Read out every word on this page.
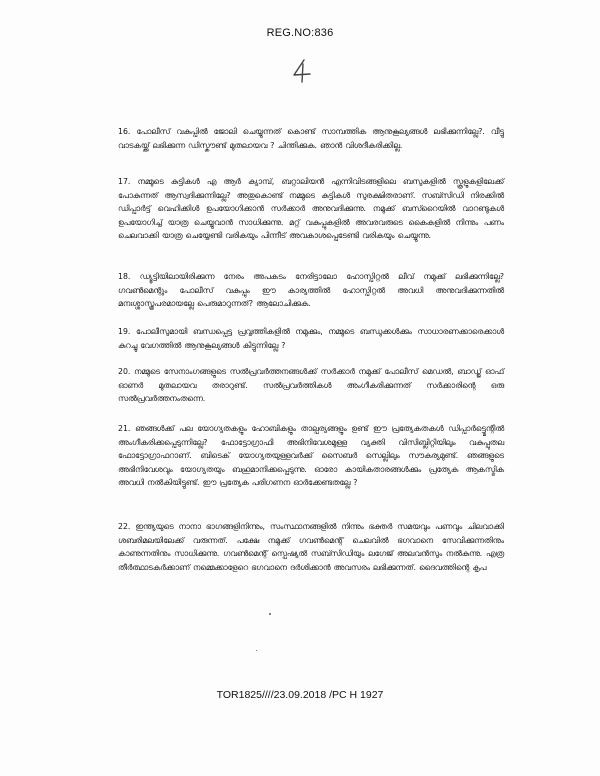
REG.NO:836
16. പോലീസ് വകുപ്പിൽ ജോലി ചെയ്യുന്നത് കൊണ്ട് സാമ്പത്തിക ആനുകൂല്യങ്ങൾ ലഭിക്കുന്നില്ലേ?. വീട്ടു വാടകയ്ക്ക് ലഭിക്കുന്ന ഡിസ്കൗണ്ട് മുതലായവ ? ചിന്തിക്കുക. ഞാൻ വിശദീകരിക്കില്ല.
17. നമ്മുടെ കുട്ടികൾ എ ആർ ക്യാമ്പ്, ബറ്റാലിയൻ എന്നിവിടങ്ങളിലെ ബസുകളിൽ സ്കൂളുകളിലേക്ക് പോകുന്നത് ആസ്വദിക്കുന്നില്ലേ? അതുകൊണ്ട് നമ്മുടെ കുട്ടികൾ സുരക്ഷിതരാണ്. സബ്സിഡി നിരക്കിൽ ഡിപ്പാർട്ട് വെഹിക്കിൾ ഉപയോഗിക്കാൻ സർക്കാർ അനുവദിക്കുന്നു. നമുക്ക് ബസ്റൈയിൽ വാറണ്ടുകൾ ഉപയോഗിച്ച് യാത്ര ചെയ്യുവാൻ സാധിക്കുന്നു. മറ്റ് വകുപ്പുകളിൽ അവരവരുടെ കൈകളിൽ നിന്നും പണം ചെലവാക്കി യാത്ര ചെയ്യേണ്ടി വരികയും പിന്നീട് അവകാശപ്പെടേണ്ടി വരികയും ചെയ്യുന്നു.
18. ഡ്യൂട്ടിയിലായിരിക്കുന്ന നേരം അപകടം നേരിട്ടാലോ ഹോസ്പിറ്റൽ ലീവ് നമുക്ക് ലഭിക്കുന്നില്ലേ? ഗവൺമെന്റും പോലീസ് വകുപ്പും ഈ കാര്യത്തിൽ ഹോസ്പിറ്റൽ അവധി അനുവദിക്കുന്നതിൽ മനഃശ്ശാസ്ത്രപരമായല്ലേ പെരുമാറുന്നത്? ആലോചിക്കുക.
19. പോലീസുമായി ബന്ധപ്പെട്ട പ്രവൃത്തികളിൽ നമുക്കും, നമ്മുടെ ബന്ധുക്കൾക്കും സാധാരണക്കാരെക്കാൾ കുറച്ചു വേഗത്തിൽ ആനുകൂല്യങ്ങൾ കിട്ടുന്നില്ലേ ?
20. നമ്മുടെ സേനാംഗങ്ങളുടെ സൽപ്രവർത്തനങ്ങൾക്ക് സർക്കാർ നമുക്ക് പോലീസ് മെഡൽ, ബാഡ്ജ് ഓഫ് ഓണർ മുതലായവ തരാറുണ്ട്. സൽപ്രവർത്തികൾ അംഗീകരിക്കുന്നത് സർക്കാരിന്റെ ഒരു സൽപ്രവർത്തനംതന്നെ.
21. ഞങ്ങൾക്ക് പല യോഗ്യതകളും ഹോബികളും താല്പര്യങ്ങളും ഉണ്ട് ഈ പ്രത്യേകതകൾ ഡിപ്പാർട്ട്മെന്റിൽ അംഗീകരിക്കപ്പെടുന്നില്ലേ? ഫോട്ടോഗ്രാഫി അഭിനിവേശമുള്ള വ്യക്തി വിസിബ്ലിറ്റിയിലും വകുപ്പുതല ഫോട്ടോഗ്രാഫറാണ്. ബിടെക് യോഗ്യതയുള്ളവർക്ക് സൈബർ സെല്ലിലും സൗകര്യമുണ്ട്. ഞങ്ങളുടെ അഭിനിവേശവും യോഗ്യതയും ബഹുമാനിക്കപ്പെടുന്നു. ഓരോ കായികതാരങ്ങൾക്കും പ്രത്യേക ആകസ്മിക അവധി നൽകിയിട്ടുണ്ട്. ഈ പ്രത്യേക പരിഗണന ഓർക്കേണ്ടതല്ലേ ?
22. ഇന്ത്യയുടെ നാനാ ഭാഗങ്ങളിനിന്നും, സംസ്ഥാനങ്ങളിൽ നിന്നും ഭക്തർ സമയവും പണവും ചിലവാക്കി ശബരിമലയിലേക്ക് വരുന്നത്. പക്ഷേ നമുക്ക് ഗവൺമെന്റ് ചെലവിൽ ഭഗവാനെ സേവിക്കുന്നതിനും കാണുന്നതിനും സാധിക്കുന്നു. ഗവൺമെന്റ് സ്പെഷ്യൽ സബ്സിഡിയും ലഗേജ് അലവൻസും നൽകുന്നു. എത്ര തീർത്ഥാടകർക്കാണ് നമ്മെക്കാളേറെ ഭഗവാനെ ദർശിക്കാൻ അവസരം ലഭിക്കുന്നത്. ദൈവത്തിന്റെ കൃപ
TOR1825////23.09.2018 /PC H 1927
